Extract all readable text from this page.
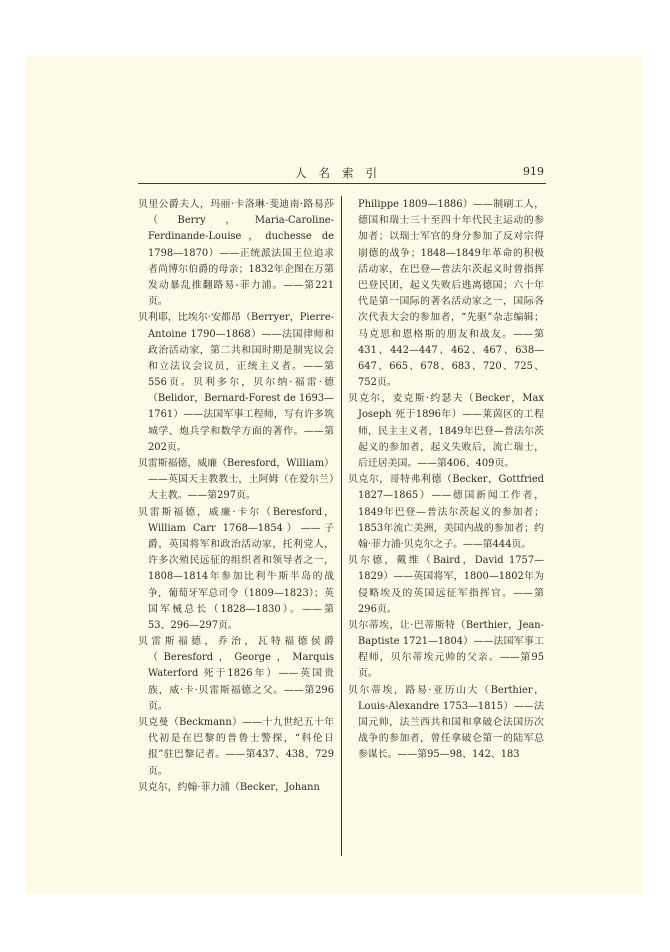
人名索引	919

贝里公爵夫人，玛丽·卡洛琳·斐迪南·路易莎（Berry，Maria-Caroline-Ferdinande-Louise，duchesse de 1798—1870）——正统派法国王位追求者尚博尔伯爵的母亲；1832年企图在万第发动暴乱推翻路易-菲力浦。——第221页。

贝利耶，比埃尔·安都昂（Berryer，Pierre-Antoine 1790—1868）——法国律师和政治活动家，第二共和国时期是制宪议会和立法议会议员，正统主义者。——第556页。贝利多尔，贝尔纳·福雷·德（Belidor，Bernard-Forest de 1693—1761）——法国军事工程师，写有许多筑城学、炮兵学和数学方面的著作。——第202页。

贝雷斯福德，威廉（Beresford，William）——英国天主教教士，土阿姆（在爱尔兰）大主教。——第297页。

贝雷斯福德，威廉·卡尔（Beresford，William Carr 1768—1854）——子爵，英国将军和政治活动家，托利党人，许多次殖民远征的组织者和领导者之一，1808—1814年参加比利牛斯半岛的战争，葡萄牙军总司令（1809—1823）；英国军械总长（1828—1830）。——第53、296—297页。

贝雷斯福德，乔治，瓦特福德侯爵（Beresford，George，Marquis Waterford 死于1826年）——英国贵族，威·卡·贝雷斯福德之父。——第296页。

贝克曼（Beckmann）——十九世纪五十年代初是在巴黎的普鲁士警探，“科伦日报”驻巴黎记者。——第437、438、729页。

贝克尔，约翰·菲力浦（Becker，Johann

Philippe 1809—1886）——制刷工人，德国和瑞士三十至四十年代民主运动的参加者；以瑞士军官的身分参加了反对宗得崩德的战争；1848—1849年革命的积极活动家，在巴登—普法尔茨起义时曾指挥巴登民团，起义失败后逃离德国；六十年代是第一国际的著名活动家之一，国际各次代表大会的参加者，“先驱”杂志编辑；马克思和恩格斯的朋友和战友。——第431、442—447、462、467、638—647、665、678、683、720、725、752页。

贝克尔，麦克斯·约瑟夫（Becker，Max Joseph 死于1896年）——莱茵区的工程师，民主主义者，1849年巴登—普法尔茨起义的参加者，起义失败后，流亡瑞士，后迁居美国。——第406、409页。

贝克尔，哥特弗利德（Becker，Gottfried 1827—1865）——德国新闻工作者，1849年巴登—普法尔茨起义的参加者；1853年流亡美洲，美国内战的参加者；约翰·菲力浦·贝克尔之子。——第444页。

贝尔德，戴维（Baird，David 1757—1829）——英国将军，1800—1802年为侵略埃及的英国远征军指挥官。——第296页。

贝尔蒂埃，让·巴蒂斯特（Berthier，Jean-Baptiste 1721—1804）——法国军事工程师，贝尔蒂埃元帅的父亲。——第95页。

贝尔蒂埃，路易·亚历山大（Berthier，Louis-Alexandre 1753—1815）——法国元帅，法兰西共和国和拿破仑法国历次战争的参加者，曾任拿破仑第一的陆军总参谋长。——第95—98、142、183
